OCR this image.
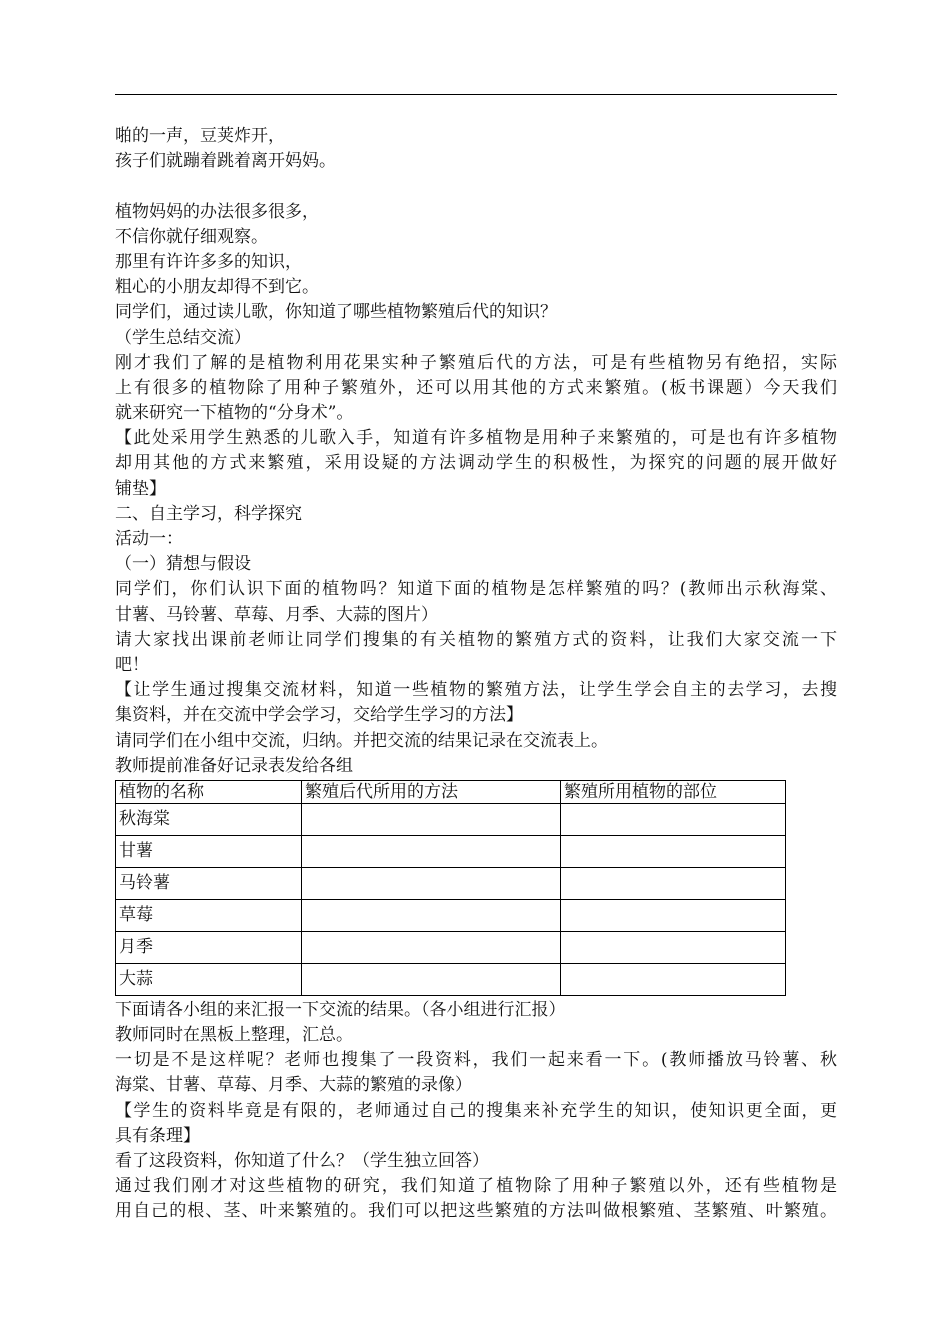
啪的一声，豆荚炸开，
孩子们就蹦着跳着离开妈妈。
植物妈妈的办法很多很多，
不信你就仔细观察。
那里有许许多多的知识，
粗心的小朋友却得不到它。
同学们，通过读儿歌，你知道了哪些植物繁殖后代的知识？
（学生总结交流）
刚才我们了解的是植物利用花果实种子繁殖后代的方法，可是有些植物另有绝招，实际
上有很多的植物除了用种子繁殖外，还可以用其他的方式来繁殖。(板书课题）今天我们
就来研究一下植物的“分身术”。
【此处采用学生熟悉的儿歌入手，知道有许多植物是用种子来繁殖的，可是也有许多植物
却用其他的方式来繁殖，采用设疑的方法调动学生的积极性，为探究的问题的展开做好
铺垫】
二、自主学习，科学探究
活动一：
（一）猜想与假设
同学们，你们认识下面的植物吗？知道下面的植物是怎样繁殖的吗？(教师出示秋海棠、
甘薯、马铃薯、草莓、月季、大蒜的图片）
请大家找出课前老师让同学们搜集的有关植物的繁殖方式的资料，让我们大家交流一下
吧！
【让学生通过搜集交流材料，知道一些植物的繁殖方法，让学生学会自主的去学习，去搜
集资料，并在交流中学会学习，交给学生学习的方法】
请同学们在小组中交流，归纳。并把交流的结果记录在交流表上。
教师提前准备好记录表发给各组
植物的名称	繁殖后代所用的方法	繁殖所用植物的部位
秋海棠		
甘薯		
马铃薯		
草莓		
月季		
大蒜		
下面请各小组的来汇报一下交流的结果。（各小组进行汇报）
教师同时在黑板上整理，汇总。
一切是不是这样呢？老师也搜集了一段资料，我们一起来看一下。(教师播放马铃薯、秋
海棠、甘薯、草莓、月季、大蒜的繁殖的录像）
【学生的资料毕竟是有限的，老师通过自己的搜集来补充学生的知识，使知识更全面，更
具有条理】
看了这段资料，你知道了什么？（学生独立回答）
通过我们刚才对这些植物的研究，我们知道了植物除了用种子繁殖以外，还有些植物是
用自己的根、茎、叶来繁殖的。我们可以把这些繁殖的方法叫做根繁殖、茎繁殖、叶繁殖。
